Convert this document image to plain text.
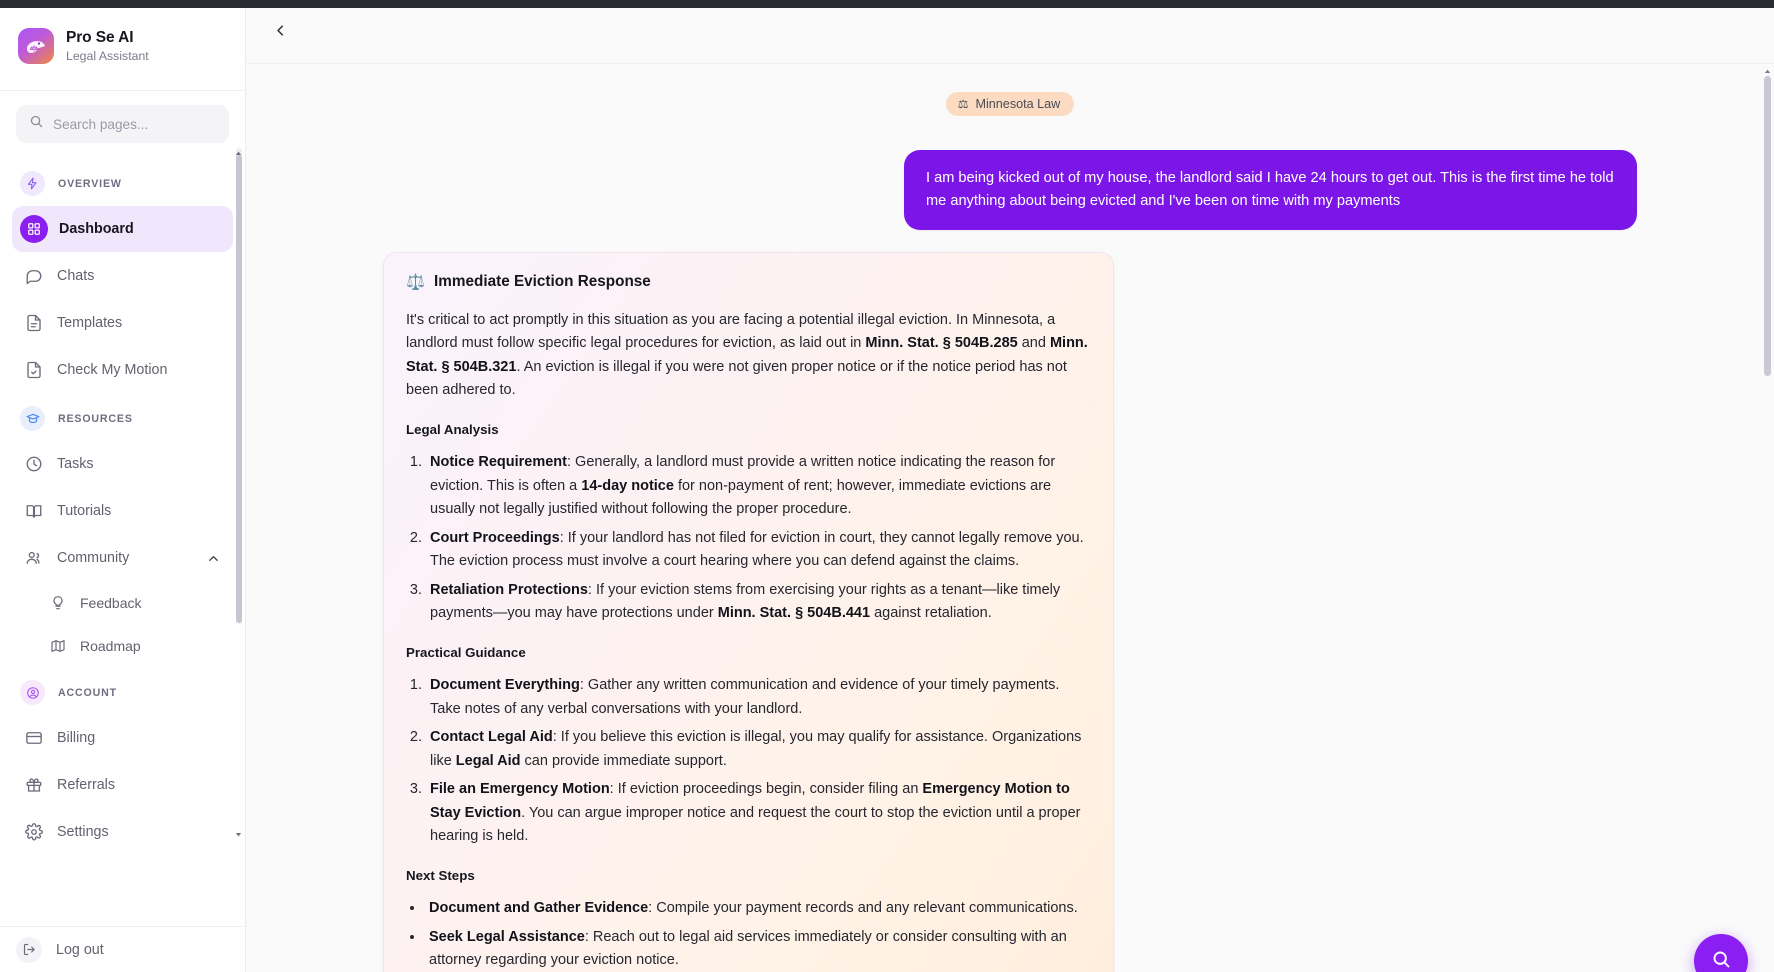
Pro Se AI
Legal Assistant
Search pages...
OVERVIEW
Dashboard
Chats
Templates
Check My Motion
RESOURCES
Tasks
Tutorials
Community
Feedback
Roadmap
ACCOUNT
Billing
Referrals
Settings
Log out
⚖ Minnesota Law
I am being kicked out of my house, the landlord said I have 24 hours to get out. This is the first time he told me anything about being evicted and I've been on time with my payments
⚖️ Immediate Eviction Response

It's critical to act promptly in this situation as you are facing a potential illegal eviction. In Minnesota, a landlord must follow specific legal procedures for eviction, as laid out in Minn. Stat. § 504B.285 and Minn. Stat. § 504B.321. An eviction is illegal if you were not given proper notice or if the notice period has not been adhered to.

Legal Analysis
1. Notice Requirement: Generally, a landlord must provide a written notice indicating the reason for eviction. This is often a 14-day notice for non-payment of rent; however, immediate evictions are usually not legally justified without following the proper procedure.
2. Court Proceedings: If your landlord has not filed for eviction in court, they cannot legally remove you. The eviction process must involve a court hearing where you can defend against the claims.
3. Retaliation Protections: If your eviction stems from exercising your rights as a tenant—like timely payments—you may have protections under Minn. Stat. § 504B.441 against retaliation.
Practical Guidance
1. Document Everything: Gather any written communication and evidence of your timely payments. Take notes of any verbal conversations with your landlord.
2. Contact Legal Aid: If you believe this eviction is illegal, you may qualify for assistance. Organizations like Legal Aid can provide immediate support.
3. File an Emergency Motion: If eviction proceedings begin, consider filing an Emergency Motion to Stay Eviction. You can argue improper notice and request the court to stop the eviction until a proper hearing is held.
Next Steps
• Document and Gather Evidence: Compile your payment records and any relevant communications.
• Seek Legal Assistance: Reach out to legal aid services immediately or consider consulting with an attorney regarding your eviction notice.
